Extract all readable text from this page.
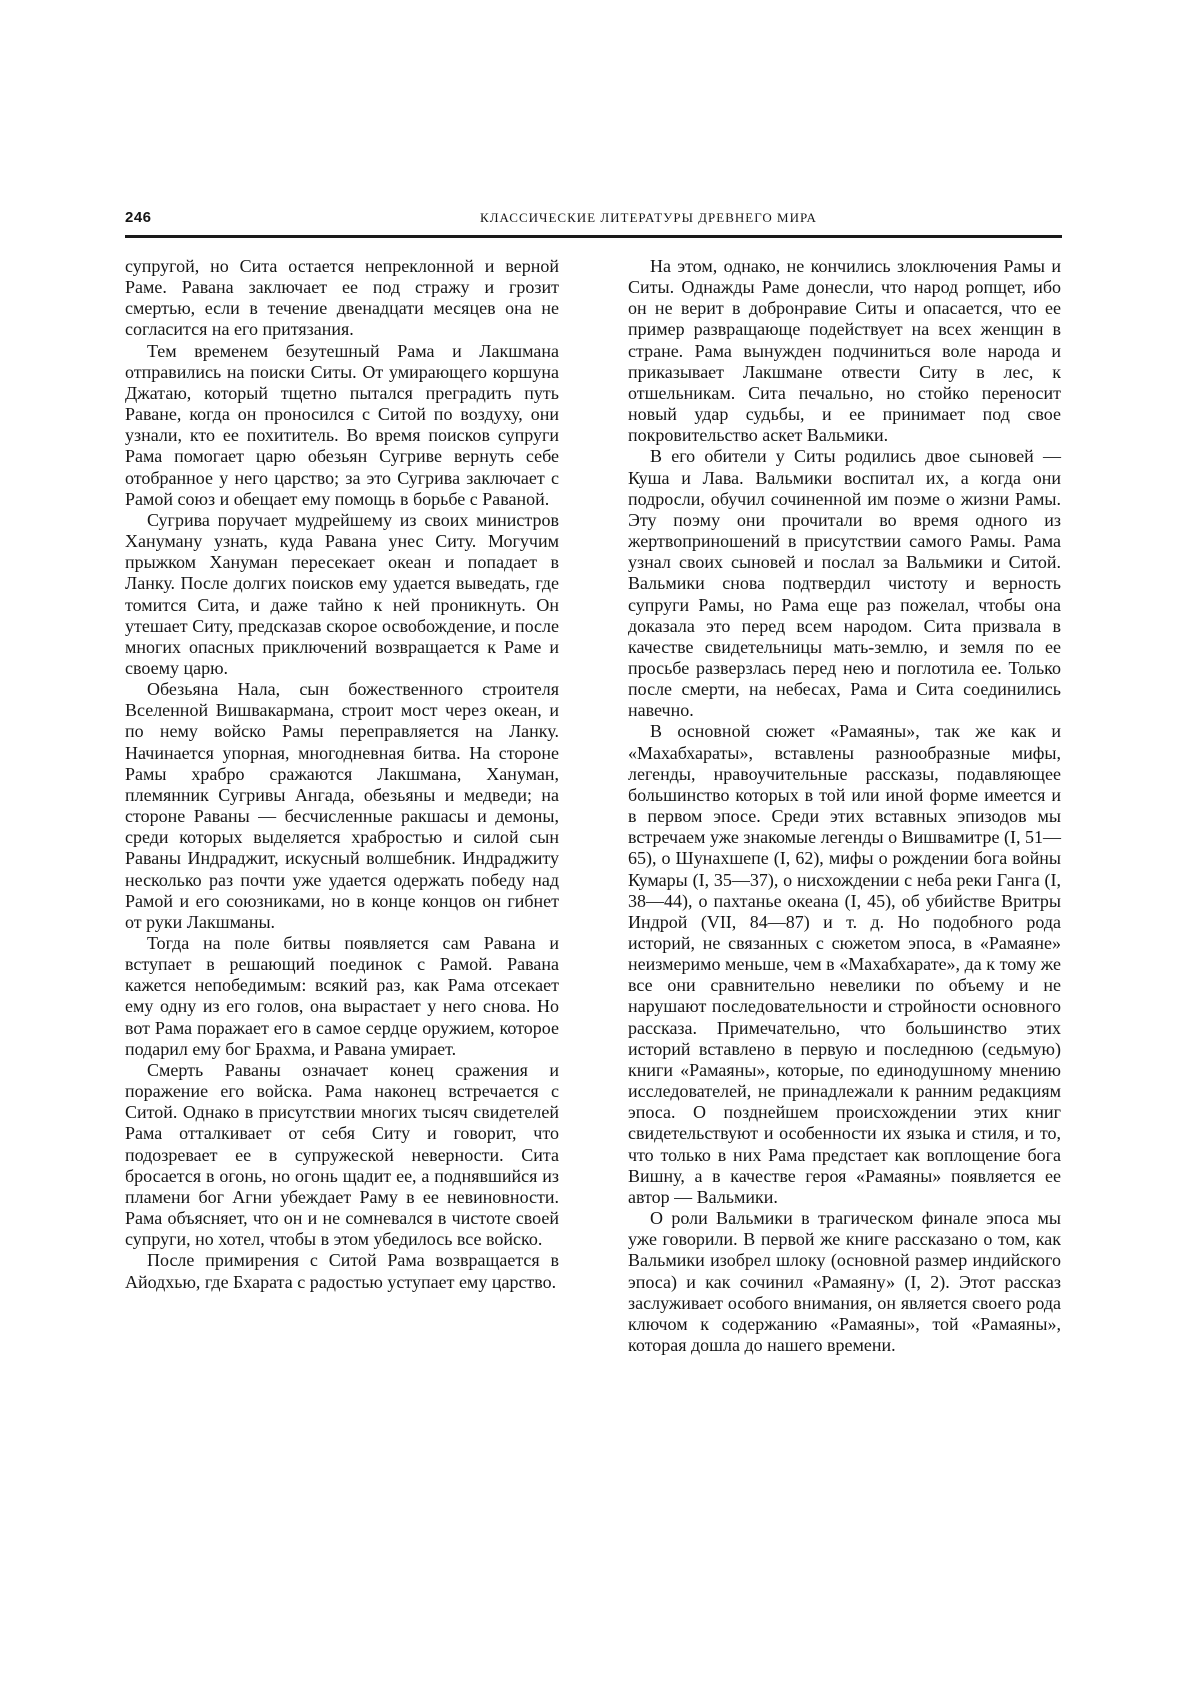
246	КЛАССИЧЕСКИЕ ЛИТЕРАТУРЫ ДРЕВНЕГО МИРА

супругой, но Сита остается непреклонной и верной Раме. Равана заключает ее под стражу и грозит смертью, если в течение двенадцати месяцев она не согласится на его притязания.

Тем временем безутешный Рама и Лакшмана отправились на поиски Ситы. От умирающего коршуна Джатаю, который тщетно пытался преградить путь Раване, когда он проносился с Ситой по воздуху, они узнали, кто ее похититель. Во время поисков супруги Рама помогает царю обезьян Сугриве вернуть себе отобранное у него царство; за это Сугрива заключает с Рамой союз и обещает ему помощь в борьбе с Раваной.

Сугрива поручает мудрейшему из своих министров Хануману узнать, куда Равана унес Ситу. Могучим прыжком Хануман пересекает океан и попадает в Ланку. После долгих поисков ему удается выведать, где томится Сита, и даже тайно к ней проникнуть. Он утешает Ситу, предсказав скорое освобождение, и после многих опасных приключений возвращается к Раме и своему царю.

Обезьяна Нала, сын божественного строителя Вселенной Вишвакармана, строит мост через океан, и по нему войско Рамы переправляется на Ланку. Начинается упорная, многодневная битва. На стороне Рамы храбро сражаются Лакшмана, Хануман, племянник Сугривы Ангада, обезьяны и медведи; на стороне Раваны — бесчисленные ракшасы и демоны, среди которых выделяется храбростью и силой сын Раваны Индраджит, искусный волшебник. Индраджиту несколько раз почти уже удается одержать победу над Рамой и его союзниками, но в конце концов он гибнет от руки Лакшманы.

Тогда на поле битвы появляется сам Равана и вступает в решающий поединок с Рамой. Равана кажется непобедимым: всякий раз, как Рама отсекает ему одну из его голов, она вырастает у него снова. Но вот Рама поражает его в самое сердце оружием, которое подарил ему бог Брахма, и Равана умирает.

Смерть Раваны означает конец сражения и поражение его войска. Рама наконец встречается с Ситой. Однако в присутствии многих тысяч свидетелей Рама отталкивает от себя Ситу и говорит, что подозревает ее в супружеской неверности. Сита бросается в огонь, но огонь щадит ее, а поднявшийся из пламени бог Агни убеждает Раму в ее невиновности. Рама объясняет, что он и не сомневался в чистоте своей супруги, но хотел, чтобы в этом убедилось все войско.

После примирения с Ситой Рама возвращается в Айодхью, где Бхарата с радостью уступает ему царство.

На этом, однако, не кончились злоключения Рамы и Ситы. Однажды Раме донесли, что народ ропщет, ибо он не верит в добронравие Ситы и опасается, что ее пример развращающе подействует на всех женщин в стране. Рама вынужден подчиниться воле народа и приказывает Лакшмане отвести Ситу в лес, к отшельникам. Сита печально, но стойко переносит новый удар судьбы, и ее принимает под свое покровительство аскет Вальмики.

В его обители у Ситы родились двое сыновей — Куша и Лава. Вальмики воспитал их, а когда они подросли, обучил сочиненной им поэме о жизни Рамы. Эту поэму они прочитали во время одного из жертвоприношений в присутствии самого Рамы. Рама узнал своих сыновей и послал за Вальмики и Ситой. Вальмики снова подтвердил чистоту и верность супруги Рамы, но Рама еще раз пожелал, чтобы она доказала это перед всем народом. Сита призвала в качестве свидетельницы мать-землю, и земля по ее просьбе разверзлась перед нею и поглотила ее. Только после смерти, на небесах, Рама и Сита соединились навечно.

В основной сюжет «Рамаяны», так же как и «Махабхараты», вставлены разнообразные мифы, легенды, нравоучительные рассказы, подавляющее большинство которых в той или иной форме имеется и в первом эпосе. Среди этих вставных эпизодов мы встречаем уже знакомые легенды о Вишвамитре (I, 51—65), о Шунахшепе (I, 62), мифы о рождении бога войны Кумары (I, 35—37), о нисхождении с неба реки Ганга (I, 38—44), о пахтанье океана (I, 45), об убийстве Вритры Индрой (VII, 84—87) и т. д. Но подобного рода историй, не связанных с сюжетом эпоса, в «Рамаяне» неизмеримо меньше, чем в «Махабхарате», да к тому же все они сравнительно невелики по объему и не нарушают последовательности и стройности основного рассказа. Примечательно, что большинство этих историй вставлено в первую и последнюю (седьмую) книги «Рамаяны», которые, по единодушному мнению исследователей, не принадлежали к ранним редакциям эпоса. О позднейшем происхождении этих книг свидетельствуют и особенности их языка и стиля, и то, что только в них Рама предстает как воплощение бога Вишну, а в качестве героя «Рамаяны» появляется ее автор — Вальмики.

О роли Вальмики в трагическом финале эпоса мы уже говорили. В первой же книге рассказано о том, как Вальмики изобрел шлоку (основной размер индийского эпоса) и как сочинил «Рамаяну» (I, 2). Этот рассказ заслуживает особого внимания, он является своего рода ключом к содержанию «Рамаяны», той «Рамаяны», которая дошла до нашего времени.
